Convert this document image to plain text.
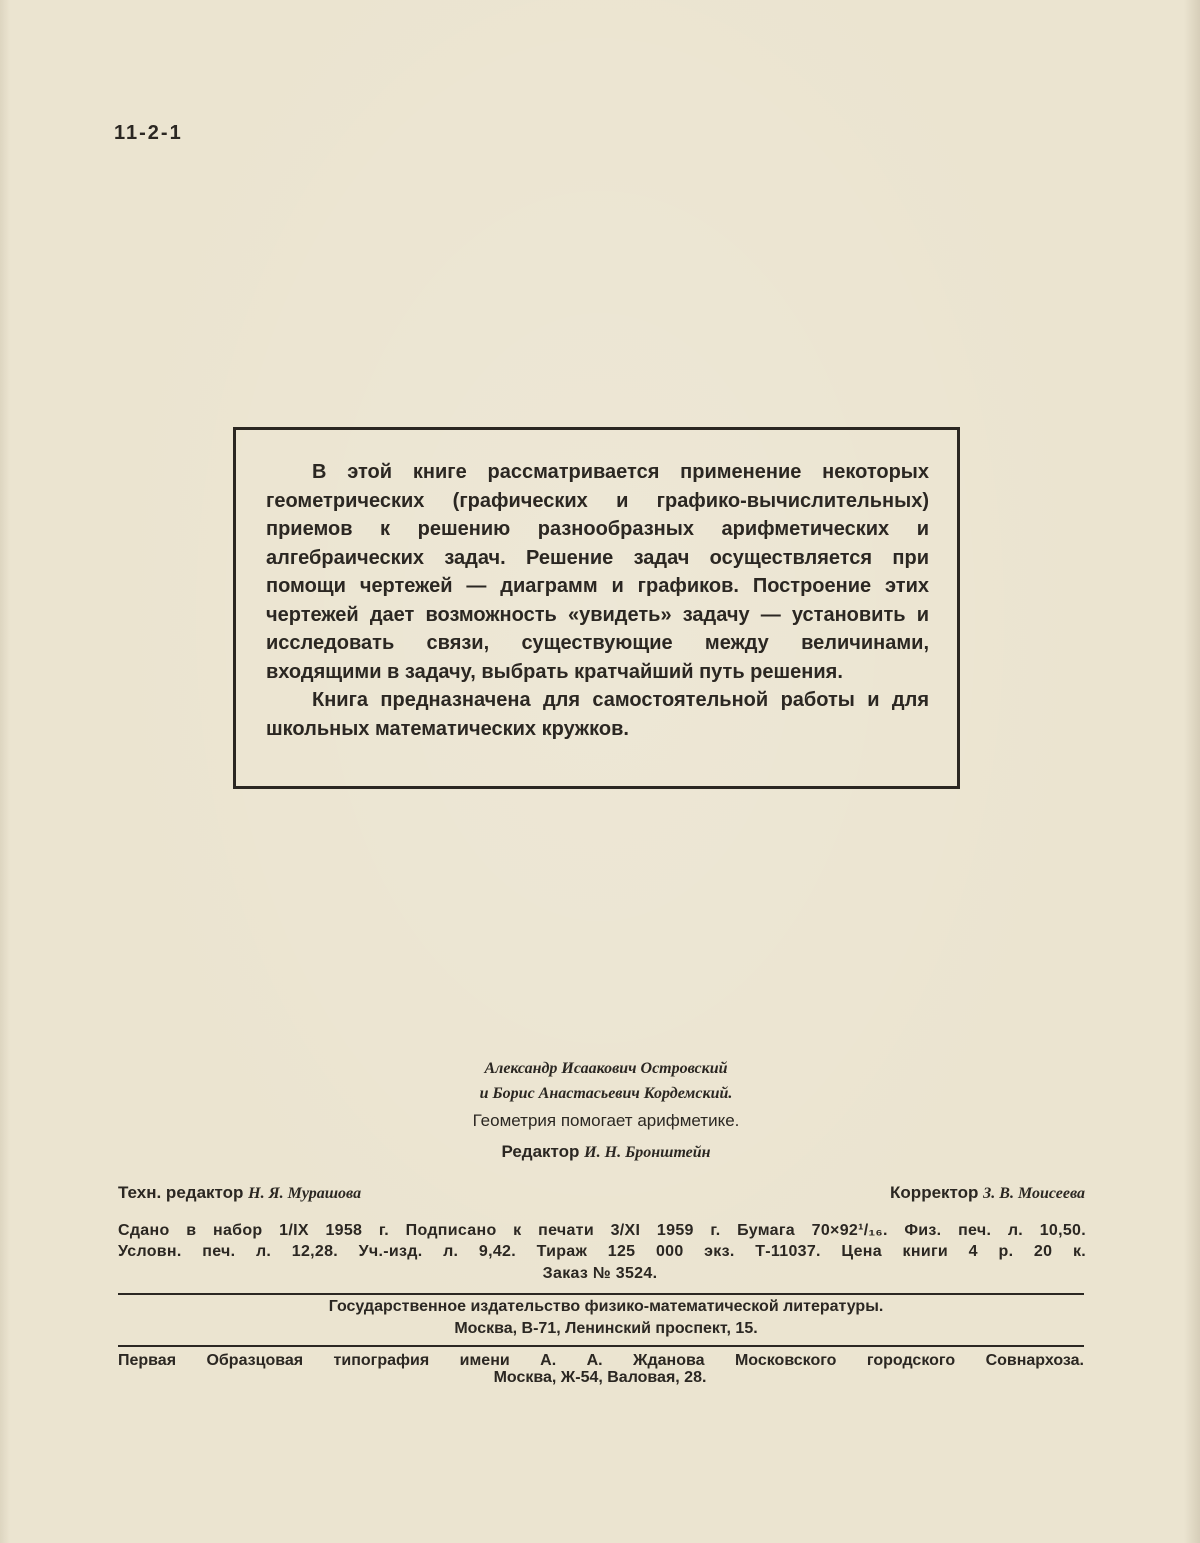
11-2-1

В этой книге рассматривается применение некоторых геометрических (графических и графико-вычислительных) приемов к решению разнообразных арифметических и алгебраических задач. Решение задач осуществляется при помощи чертежей — диаграмм и графиков. Построение этих чертежей дает возможность «увидеть» задачу — установить и исследовать связи, существующие между величинами, входящими в задачу, выбрать кратчайший путь решения.

Книга предназначена для самостоятельной работы и для школьных математических кружков.

Александр Исаакович Островский
и Борис Анастасьевич Кордемский.
Геометрия помогает арифметике.
Редактор И. Н. Бронштейн
Техн. редактор Н. Я. Мурашова	Корректор З. В. Моисеева
Сдано в набор 1/IX 1958 г. Подписано к печати 3/XI 1959 г. Бумага 70×92¹/₁₆. Физ. печ. л. 10,50.
Условн. печ. л. 12,28. Уч.-изд. л. 9,42. Тираж 125 000 экз. Т-11037. Цена книги 4 р. 20 к.
Заказ № 3524.
Государственное издательство физико-математической литературы.
Москва, В-71, Ленинский проспект, 15.
Первая Образцовая типография имени А. А. Жданова Московского городского Совнархоза.
Москва, Ж-54, Валовая, 28.
